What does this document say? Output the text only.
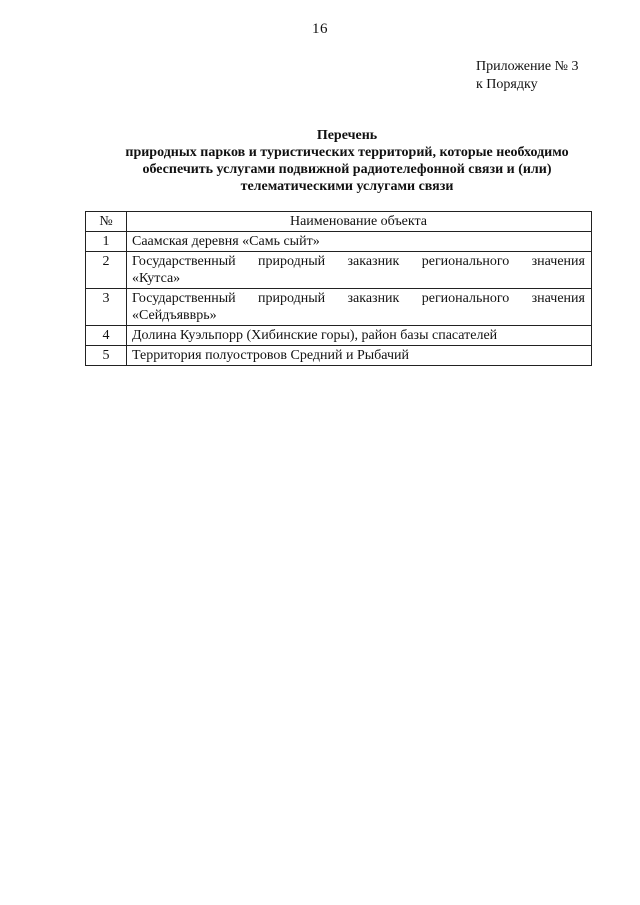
16
Приложение № 3
к Порядку
Перечень
природных парков и туристических территорий, которые необходимо
обеспечить услугами подвижной радиотелефонной связи и (или)
телематическими услугами связи
№	Наименование объекта
1	Саамская деревня «Самь сыйт»
2	Государственный природный заказник регионального значения
«Кутса»
3	Государственный природный заказник регионального значения
«Сейдъявврь»
4	Долина Куэльпорр (Хибинские горы), район базы спасателей
5	Территория полуостровов Средний и Рыбачий
